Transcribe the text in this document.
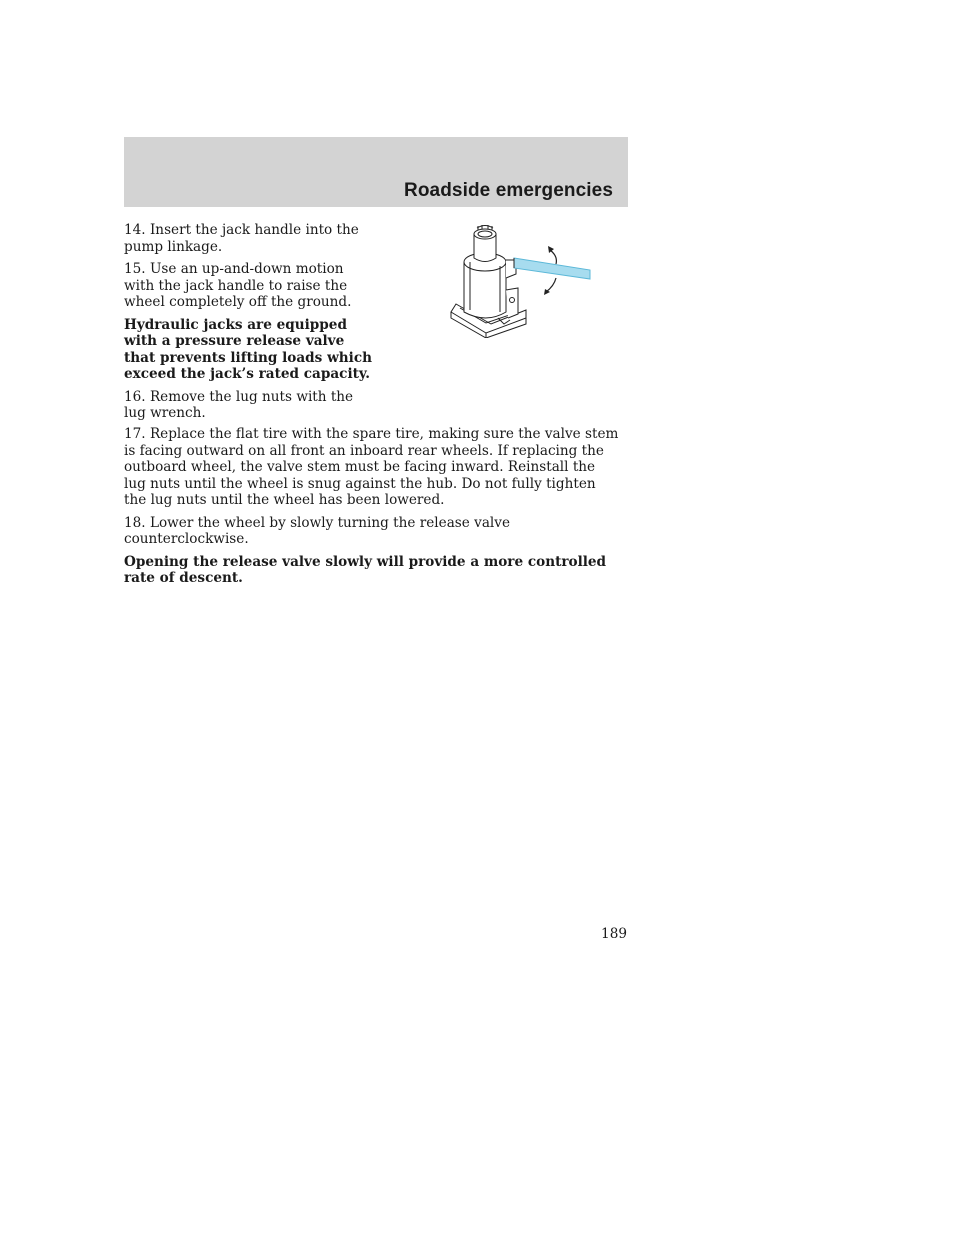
Roadside emergencies

14. Insert the jack handle into the pump linkage.

15. Use an up-and-down motion with the jack handle to raise the wheel completely off the ground.

Hydraulic jacks are equipped with a pressure release valve that prevents lifting loads which exceed the jack’s rated capacity.

16. Remove the lug nuts with the lug wrench.

17. Replace the flat tire with the spare tire, making sure the valve stem is facing outward on all front an inboard rear wheels. If replacing the outboard wheel, the valve stem must be facing inward. Reinstall the lug nuts until the wheel is snug against the hub. Do not fully tighten the lug nuts until the wheel has been lowered.

18. Lower the wheel by slowly turning the release valve counterclockwise.

Opening the release valve slowly will provide a more controlled rate of descent.

189
